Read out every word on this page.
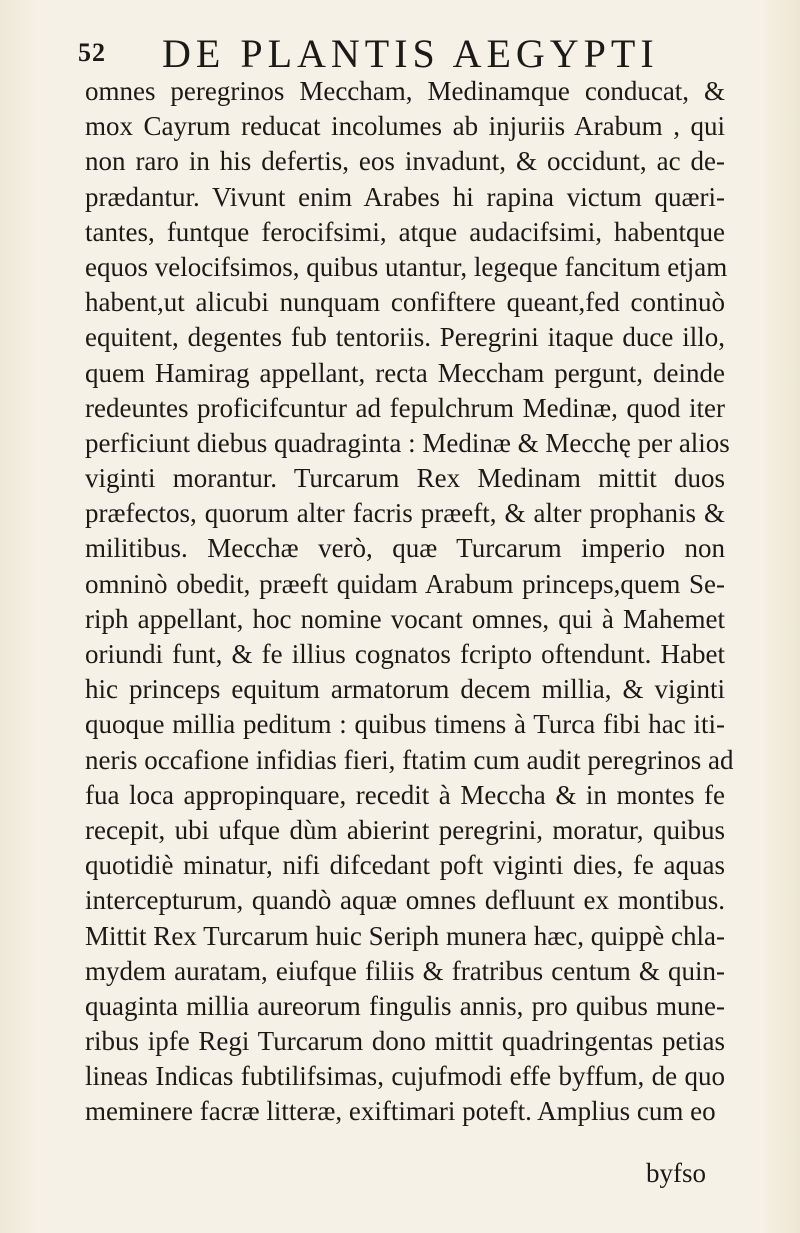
52 DE PLANTIS AEGYPTI
omnes peregrinos Meccham, Medinamque conducat, &
mox Cayrum reducat incolumes ab injuriis Arabum , qui
non raro in his defertis, eos invadunt, & occidunt, ac de-
prædantur. Vivunt enim Arabes hi rapina victum quæri-
tantes, funtque ferocifsimi, atque audacifsimi, habentque
equos velocifsimos, quibus utantur, legeque fancitum etjam
habent,ut alicubi nunquam confiftere queant,fed continuò
equitent, degentes fub tentoriis. Peregrini itaque duce illo,
quem Hamirag appellant, recta Meccham pergunt, deinde
redeuntes proficifcuntur ad fepulchrum Medinæ, quod iter
perficiunt diebus quadraginta : Medinæ & Mecchę per alios
viginti morantur. Turcarum Rex Medinam mittit duos
præfectos, quorum alter facris præeft, & alter prophanis &
militibus. Mecchæ verò, quæ Turcarum imperio non
omninò obedit, præeft quidam Arabum princeps,quem Se-
riph appellant, hoc nomine vocant omnes, qui à Mahemet
oriundi funt, & fe illius cognatos fcripto oftendunt. Habet
hic princeps equitum armatorum decem millia, & viginti
quoque millia peditum : quibus timens à Turca fibi hac iti-
neris occafione infidias fieri, ftatim cum audit peregrinos ad
fua loca appropinquare, recedit à Meccha & in montes fe
recepit, ubi ufque dùm abierint peregrini, moratur, quibus
quotidiè minatur, nifi difcedant poft viginti dies, fe aquas
intercepturum, quandò aquæ omnes defluunt ex montibus.
Mittit Rex Turcarum huic Seriph munera hæc, quippè chla-
mydem auratam, eiufque filiis & fratribus centum & quin-
quaginta millia aureorum fingulis annis, pro quibus mune-
ribus ipfe Regi Turcarum dono mittit quadringentas petias
lineas Indicas fubtilifsimas, cujufmodi effe byffum, de quo
meminere facræ litteræ, exiftimari poteft. Amplius cum eo
byfso
